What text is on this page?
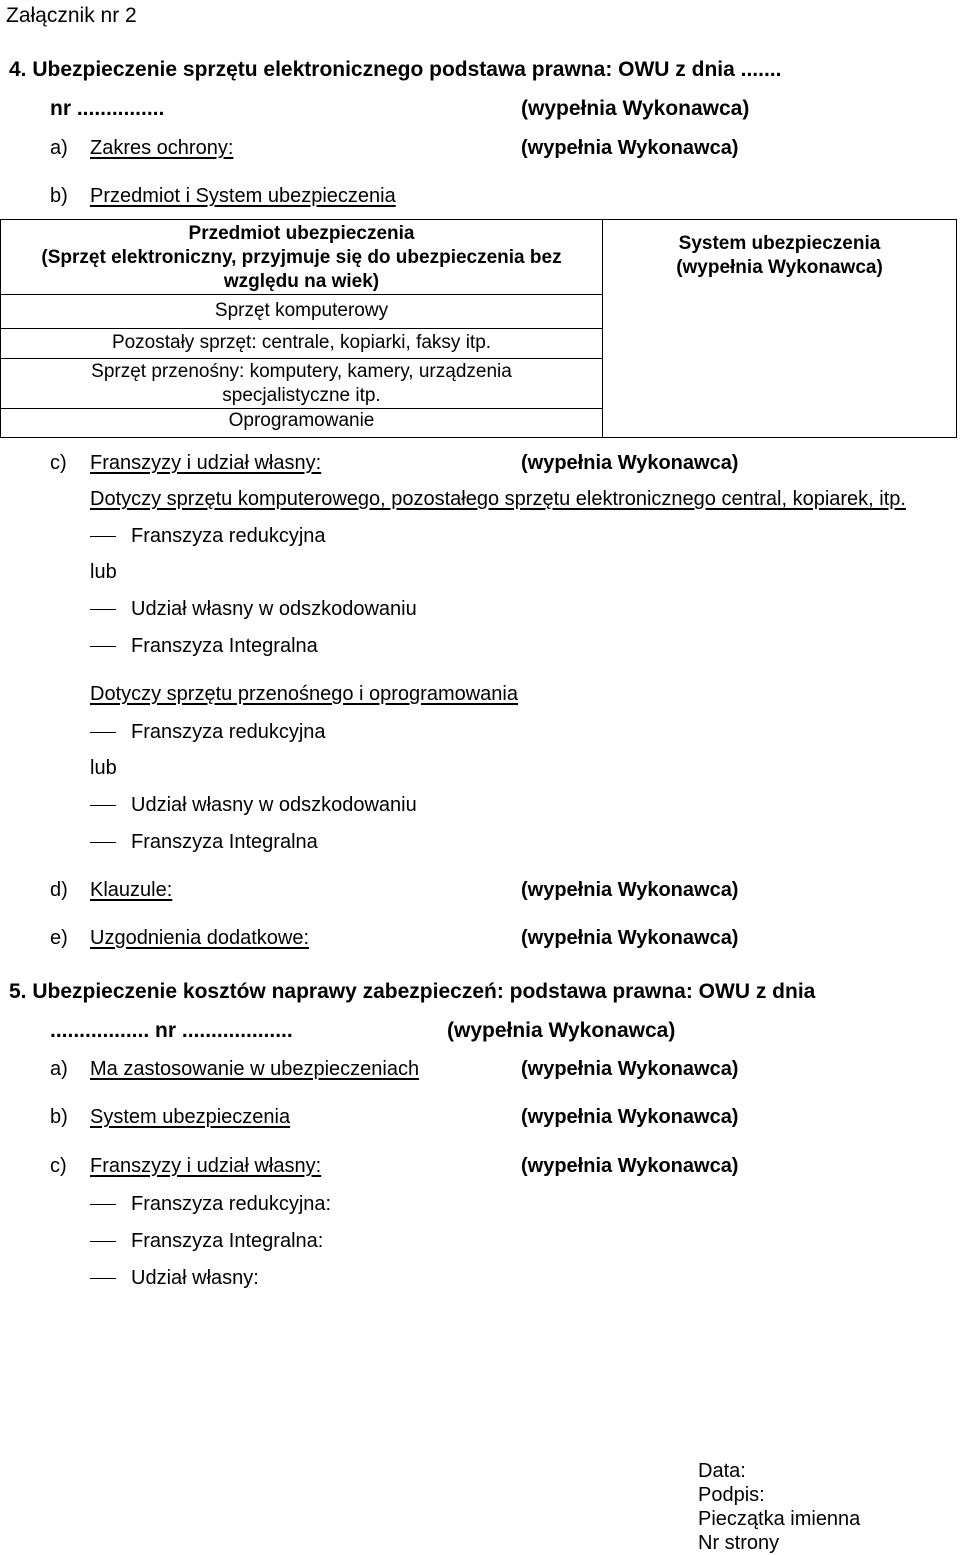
Załącznik nr 2
4. Ubezpieczenie sprzętu elektronicznego podstawa prawna: OWU z dnia .......
nr ...............	(wypełnia Wykonawca)
a) Zakres ochrony:	(wypełnia Wykonawca)
b) Przedmiot i System ubezpieczenia
Przedmiot ubezpieczenia
(Sprzęt elektroniczny, przyjmuje się do ubezpieczenia bez
względu na wiek)

System ubezpieczenia
(wypełnia Wykonawca)

Sprzęt komputerowy
Pozostały sprzęt: centrale, kopiarki, faksy itp.

Sprzęt przenośny: komputery, kamery, urządzenia
specjalistyczne itp.

Oprogramowanie
c) Franszyzy i udział własny:	(wypełnia Wykonawca)
Dotyczy sprzętu komputerowego, pozostałego sprzętu elektronicznego central, kopiarek, itp.
Franszyza redukcyjna
lub
Udział własny w odszkodowaniu
Franszyza Integralna
Dotyczy sprzętu przenośnego i oprogramowania
Franszyza redukcyjna
lub
Udział własny w odszkodowaniu
Franszyza Integralna
d) Klauzule:	(wypełnia Wykonawca)
e) Uzgodnienia dodatkowe:	(wypełnia Wykonawca)
5. Ubezpieczenie kosztów naprawy zabezpieczeń: podstawa prawna: OWU z dnia
................. nr ...................	(wypełnia Wykonawca)
a) Ma zastosowanie w ubezpieczeniach	(wypełnia Wykonawca)
b) System ubezpieczenia	(wypełnia Wykonawca)
c) Franszyzy i udział własny:	(wypełnia Wykonawca)
Franszyza redukcyjna:
Franszyza Integralna:
Udział własny:
Data:
Podpis:
Pieczątka imienna
Nr strony
